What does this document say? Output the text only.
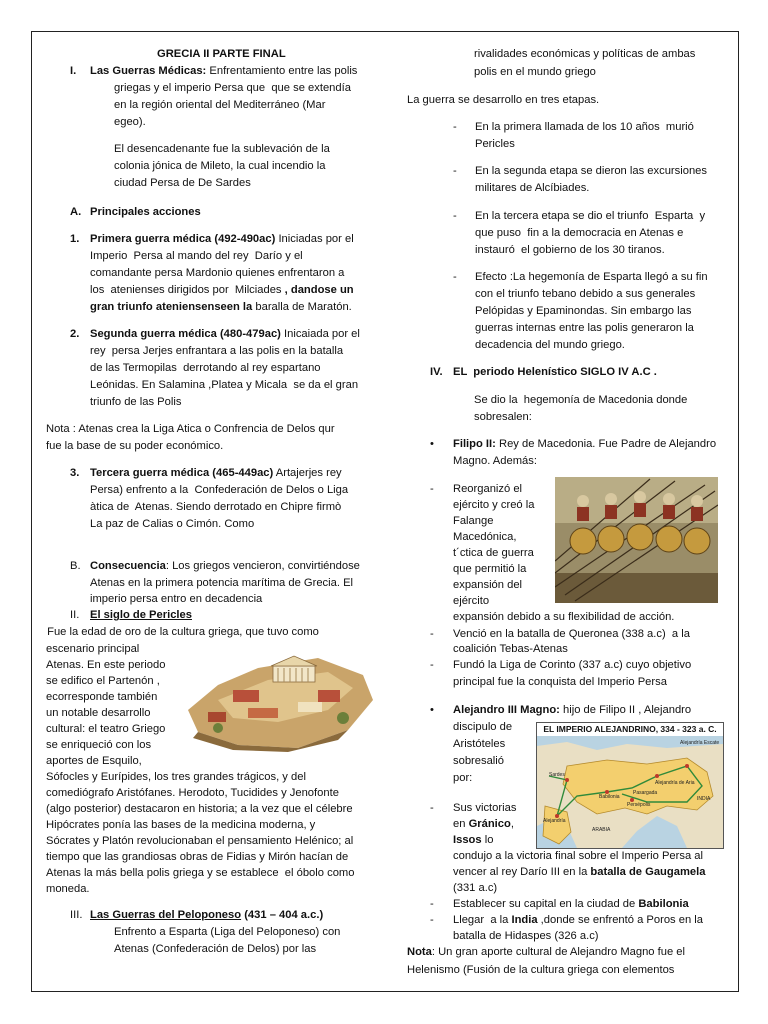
GRECIA II PARTE FINAL
I. Las Guerras Médicas: Enfrentamiento entre las polis
griegas y el imperio Persa que  que se extendía
en la región oriental del Mediterráneo (Mar
egeo).
El desencadenante fue la sublevación de la
colonia jónica de Mileto, la cual incendio la
ciudad Persa de De Sardes
A. Principales acciones
1. Primera guerra médica (492-490ac) Iniciadas por el
Imperio  Persa al mando del rey  Darío y el
comandante persa Mardonio quienes enfrentaron a
los  atenienses dirigidos por  Milciades , dandose un
gran triunfo ateniensenseen la baralla de Maratón.
2. Segunda guerra médica (480-479ac) Inicaiada por el
rey  persa Jerjes enfrantara a las polis en la batalla
de las Termopilas  derrotando al rey espartano
Leónidas. En Salamina ,Platea y Micala  se da el gran
triunfo de las Polis
Nota : Atenas crea la Liga Atica o Confrencia de Delos qur
fue la base de su poder económico.
3. Tercera guerra médica (465-449ac) Artajerjes rey
Persa) enfrento a la  Confederación de Delos o Liga
àtica de  Atenas. Siendo derrotado en Chipre firmò
La paz de Calias o Cimón. Como
B. Consecuencia: Los griegos vencieron, convirtiéndose
Atenas en la primera potencia marítima de Grecia. El
imperio persa entro en decadencia
II. El siglo de Pericles
Fue la edad de oro de la cultura griega, que tuvo como
escenario principal
Atenas. En este periodo
se edifico el Partenón ,
ecorresponde también
un notable desarrollo
cultural: el teatro Griego
se enriqueció con los
aportes de Esquilo,
Sófocles y Eurípides, los tres grandes trágicos, y del
comediógrafo Aristófanes. Herodoto, Tucidides y Jenofonte
(algo posterior) destacaron en historia; a la vez que el célebre
Hipócrates ponía las bases de la medicina moderna, y
Sócrates y Platón revolucionaban el pensamiento Helénico; al
tiempo que las grandiosas obras de Fidias y Mirón hacían de
Atenas la más bella polis griega y se establece  el óbolo como
moneda.
III. Las Guerras del Peloponeso (431 – 404 a.c.)
Enfrento a Esparta (Liga del Peloponeso) con
Atenas (Confederación de Delos) por las
rivalidades económicas y políticas de ambas
polis en el mundo griego
La guerra se desarrollo en tres etapas.
- En la primera llamada de los 10 años  murió
Pericles
- En la segunda etapa se dieron las excursiones
militares de Alcíbiades.
- En la tercera etapa se dio el triunfo  Esparta  y
que puso  fin a la democracia en Atenas e
instauró  el gobierno de los 30 tiranos.
- Efecto :La hegemonía de Esparta llegó a su fin
con el triunfo tebano debido a sus generales
Pelópidas y Epaminondas. Sin embargo las
guerras internas entre las polis generaron la
decadencia del mundo griego.
IV. EL  periodo Helenístico SIGLO IV A.C .
Se dio la  hegemonía de Macedonia donde
sobresalen:
• Filipo II: Rey de Macedonia. Fue Padre de Alejandro
Magno. Además:
- Reorganizó el
ejército y creó la
Falange
Macedónica,
t´ctica de guerra
que permitió la
expansión del
ejército
expansión debido a su flexibilidad de acción.
- Venció en la batalla de Queronea (338 a.c)  a la
coalición Tebas-Atenas
- Fundó la Liga de Corinto (337 a.c) cuyo objetivo
principal fue la conquista del Imperio Persa
• Alejandro III Magno: hijo de Filipo II , Alejandro
discipulo de
Aristóteles
sobresalió
por:
EL IMPERIO ALEJANDRINO, 334 - 323 a. C.
Alejandría Escate
Alejandría de Aria
INDIA
Pasargada
Persépolis
Babilonia
Alejandría
ARABIA
Sardes
- Sus victorias
en Gránico,
Issos lo
condujo a la victoria final sobre el Imperio Persa al
vencer al rey Darío III en la batalla de Gaugamela
(331 a.c)
- Establecer su capital en la ciudad de Babilonia
- Llegar  a la India ,donde se enfrentó a Poros en la
batalla de Hidaspes (326 a.c)
Nota: Un gran aporte cultural de Alejandro Magno fue el
Helenismo (Fusión de la cultura griega con elementos
